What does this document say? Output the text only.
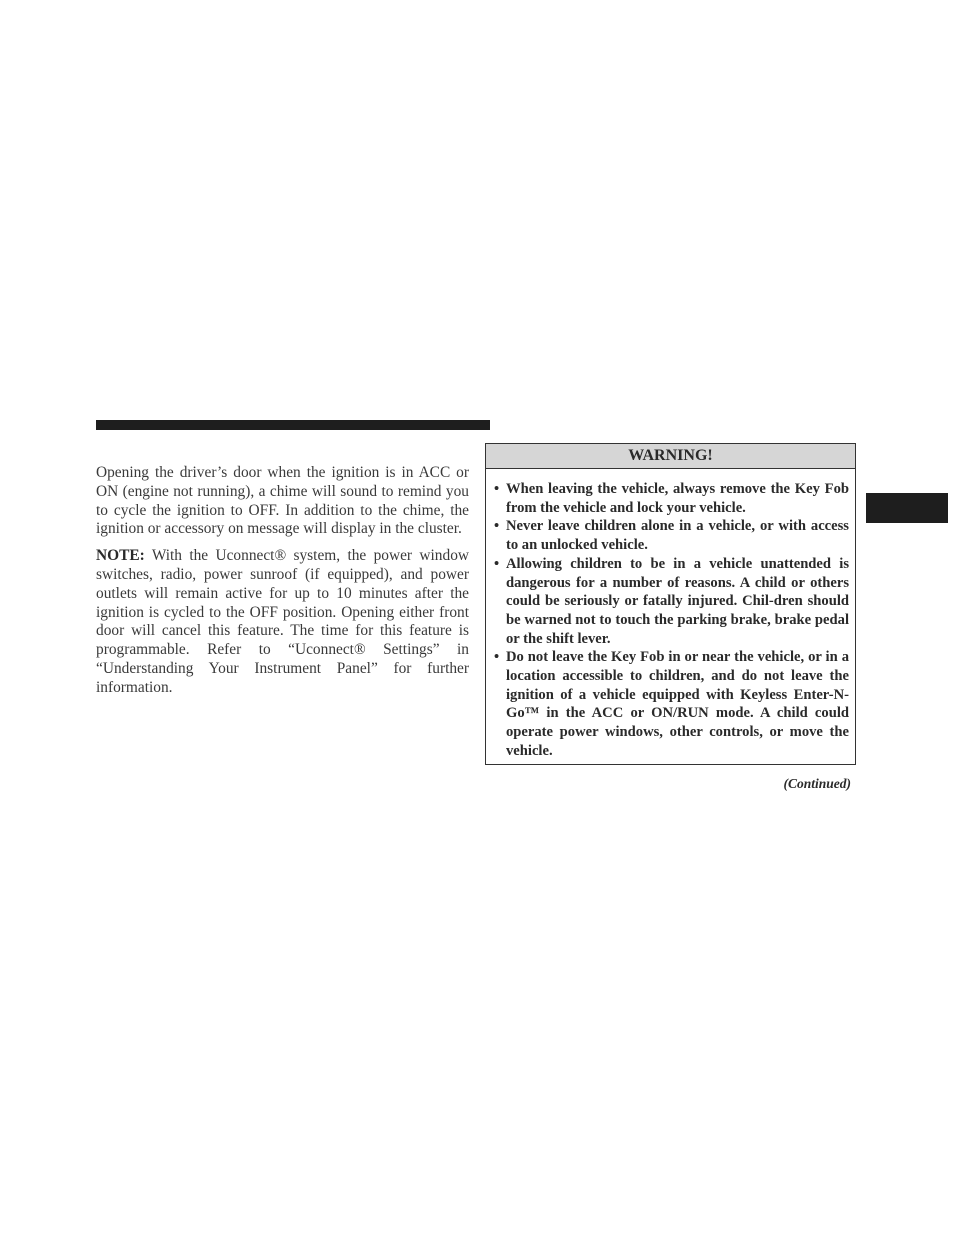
Opening the driver’s door when the ignition is in ACC or ON (engine not running), a chime will sound to remind you to cycle the ignition to OFF. In addition to the chime, the ignition or accessory on message will display in the cluster.

NOTE: With the Uconnect® system, the power window switches, radio, power sunroof (if equipped), and power outlets will remain active for up to 10 minutes after the ignition is cycled to the OFF position. Opening either front door will cancel this feature. The time for this feature is programmable. Refer to “Uconnect® Settings” in “Understanding Your Instrument Panel” for further information.

WARNING!
• When leaving the vehicle, always remove the Key Fob from the vehicle and lock your vehicle.
• Never leave children alone in a vehicle, or with access to an unlocked vehicle.
• Allowing children to be in a vehicle unattended is dangerous for a number of reasons. A child or others could be seriously or fatally injured. Chil-dren should be warned not to touch the parking brake, brake pedal or the shift lever.
• Do not leave the Key Fob in or near the vehicle, or in a location accessible to children, and do not leave the ignition of a vehicle equipped with Keyless Enter-N-Go™ in the ACC or ON/RUN mode. A child could operate power windows, other controls, or move the vehicle.
(Continued)
